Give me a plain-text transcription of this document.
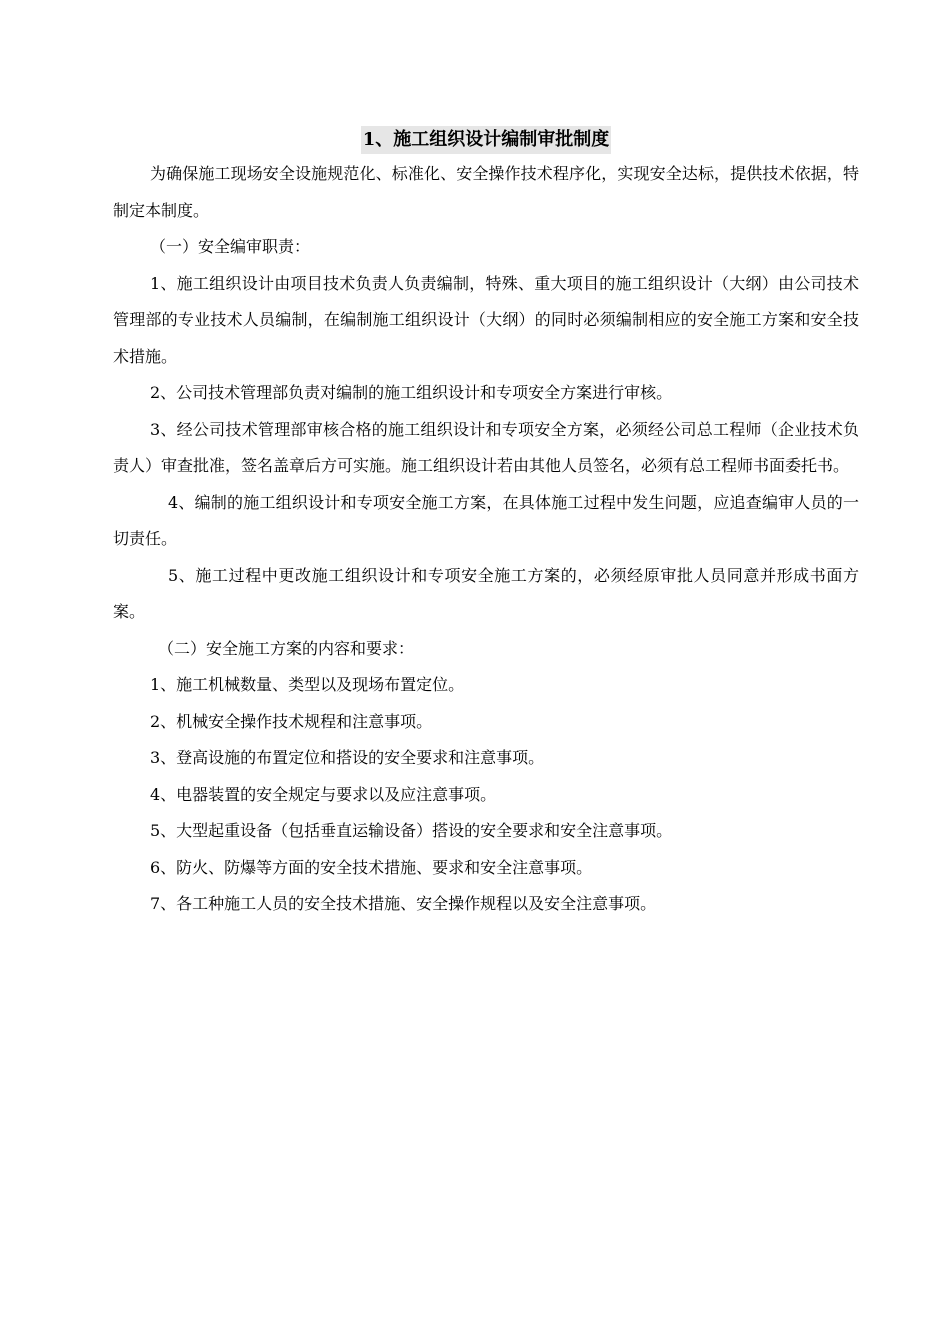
1、施工组织设计编制审批制度

为确保施工现场安全设施规范化、标准化、安全操作技术程序化，实现安全达标，提供技术依据，特制定本制度。

（一）安全编审职责：

1、施工组织设计由项目技术负责人负责编制，特殊、重大项目的施工组织设计（大纲）由公司技术管理部的专业技术人员编制，在编制施工组织设计（大纲）的同时必须编制相应的安全施工方案和安全技术措施。

2、公司技术管理部负责对编制的施工组织设计和专项安全方案进行审核。

3、经公司技术管理部审核合格的施工组织设计和专项安全方案，必须经公司总工程师（企业技术负责人）审查批准，签名盖章后方可实施。施工组织设计若由其他人员签名，必须有总工程师书面委托书。

4、编制的施工组织设计和专项安全施工方案，在具体施工过程中发生问题，应追查编审人员的一切责任。

5、施工过程中更改施工组织设计和专项安全施工方案的，必须经原审批人员同意并形成书面方案。

（二）安全施工方案的内容和要求：

1、施工机械数量、类型以及现场布置定位。

2、机械安全操作技术规程和注意事项。

3、登高设施的布置定位和搭设的安全要求和注意事项。

4、电器装置的安全规定与要求以及应注意事项。

5、大型起重设备（包括垂直运输设备）搭设的安全要求和安全注意事项。

6、防火、防爆等方面的安全技术措施、要求和安全注意事项。

7、各工种施工人员的安全技术措施、安全操作规程以及安全注意事项。
